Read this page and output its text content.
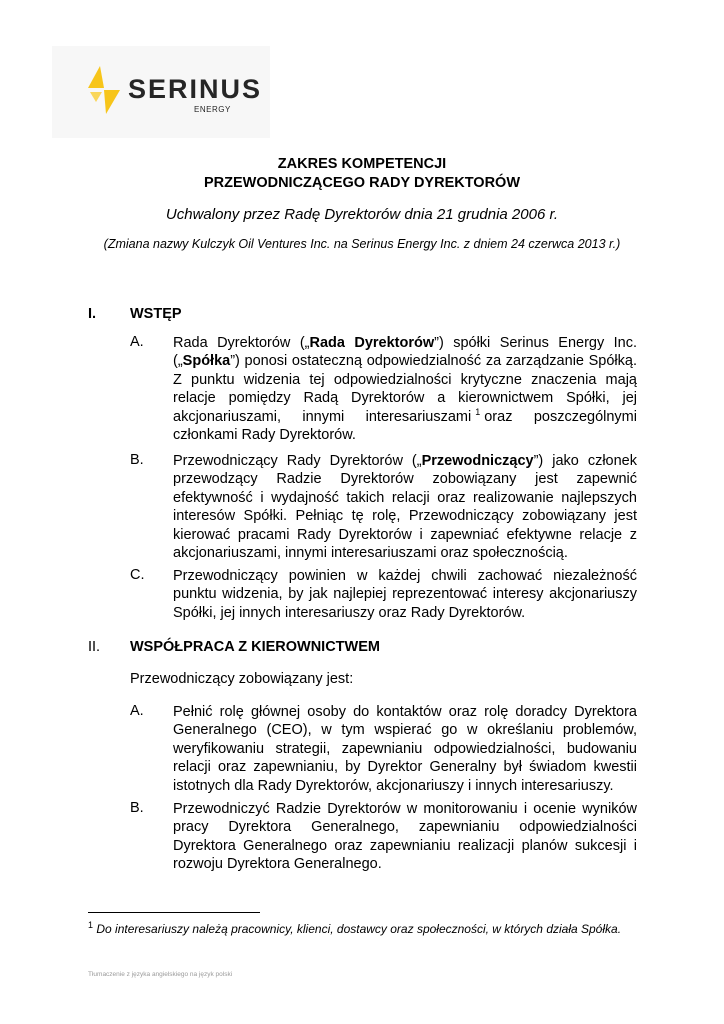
SERINUS
ENERGY
ZAKRES KOMPETENCJI
PRZEWODNICZĄCEGO RADY DYREKTORÓW
Uchwalony przez Radę Dyrektorów dnia 21 grudnia 2006 r.
(Zmiana nazwy Kulczyk Oil Ventures Inc. na Serinus Energy Inc. z dniem 24 czerwca 2013 r.)
I. WSTĘP
A. Rada Dyrektorów („Rada Dyrektorów”) spółki Serinus Energy Inc. („Spółka”) ponosi ostateczną odpowiedzialność za zarządzanie Spółką. Z punktu widzenia tej odpowiedzialności krytyczne znaczenia mają relacje pomiędzy Radą Dyrektorów a kierownictwem Spółki, jej akcjonariuszami, innymi interesariuszami $^1$ oraz poszczególnymi członkami Rady Dyrektorów.

B. Przewodniczący Rady Dyrektorów („Przewodniczący”) jako członek przewodzący Radzie Dyrektorów zobowiązany jest zapewnić efektywność i wydajność takich relacji oraz realizowanie najlepszych interesów Spółki. Pełniąc tę rolę, Przewodniczący zobowiązany jest kierować pracami Rady Dyrektorów i zapewniać efektywne relacje z akcjonariuszami, innymi interesariuszami oraz społecznością.

C. Przewodniczący powinien w każdej chwili zachować niezależność punktu widzenia, by jak najlepiej reprezentować interesy akcjonariuszy Spółki, jej innych interesariuszy oraz Rady Dyrektorów.

II. WSPÓŁPRACA Z KIEROWNICTWEM
Przewodniczący zobowiązany jest:
A. Pełnić rolę głównej osoby do kontaktów oraz rolę doradcy Dyrektora Generalnego (CEO), w tym wspierać go w określaniu problemów, weryfikowaniu strategii, zapewnianiu odpowiedzialności, budowaniu relacji oraz zapewnianiu, by Dyrektor Generalny był świadom kwestii istotnych dla Rady Dyrektorów, akcjonariuszy i innych interesariuszy.

B. Przewodniczyć Radzie Dyrektorów w monitorowaniu i ocenie wyników pracy Dyrektora Generalnego, zapewnianiu odpowiedzialności Dyrektora Generalnego oraz zapewnianiu realizacji planów sukcesji i rozwoju Dyrektora Generalnego.

$^1$ Do interesariuszy należą pracownicy, klienci, dostawcy oraz społeczności, w których działa Spółka.
Tłumaczenie z języka angielskiego na język polski
